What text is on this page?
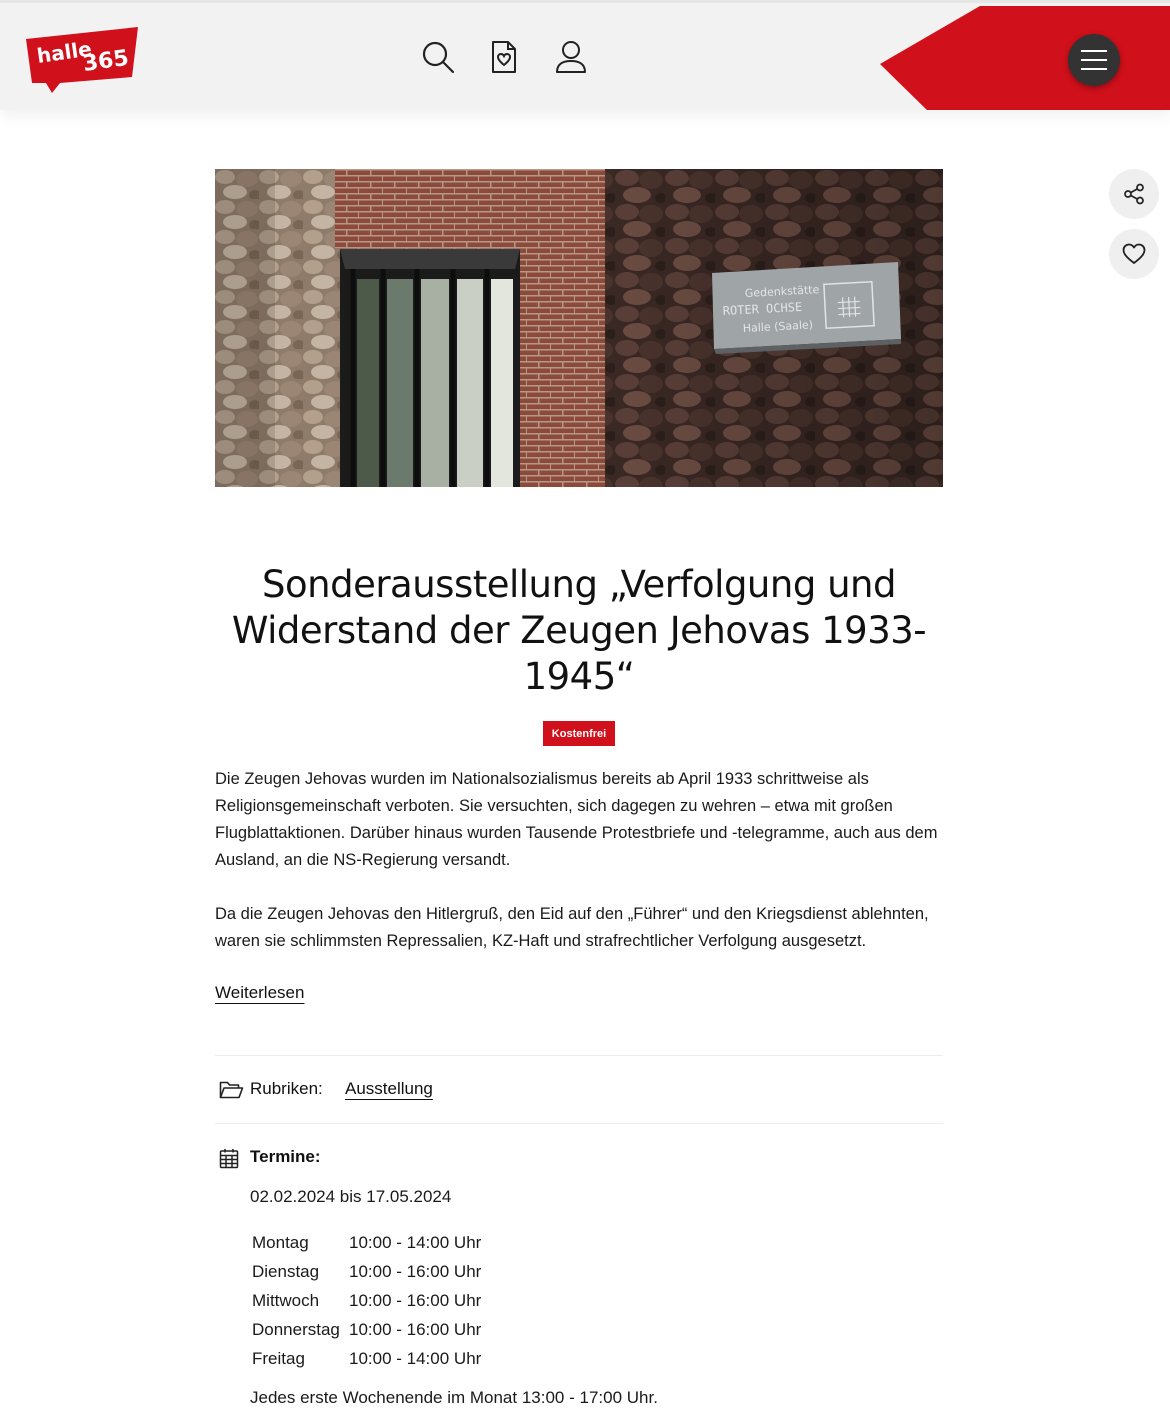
halle
365
Gedenkstätte
ROTER OCHSE
Halle (Saale)
Sonderausstellung „Verfolgung und Widerstand der Zeugen Jehovas 1933-1945“
Kostenfrei

Die Zeugen Jehovas wurden im Nationalsozialismus bereits ab April 1933 schrittweise als Religionsgemeinschaft verboten. Sie versuchten, sich dagegen zu wehren – etwa mit großen Flugblattaktionen. Darüber hinaus wurden Tausende Protestbriefe und -telegramme, auch aus dem Ausland, an die NS-Regierung versandt.

Da die Zeugen Jehovas den Hitlergruß, den Eid auf den „Führer“ und den Kriegsdienst ablehnten, waren sie schlimmsten Repressalien, KZ-Haft und strafrechtlicher Verfolgung ausgesetzt.

Weiterlesen
Rubriken: Ausstellung
Termine:
02.02.2024 bis 17.05.2024
Montag	10:00 - 14:00 Uhr
Dienstag	10:00 - 16:00 Uhr
Mittwoch	10:00 - 16:00 Uhr
Donnerstag	10:00 - 16:00 Uhr
Freitag	10:00 - 14:00 Uhr
Jedes erste Wochenende im Monat 13:00 - 17:00 Uhr.
